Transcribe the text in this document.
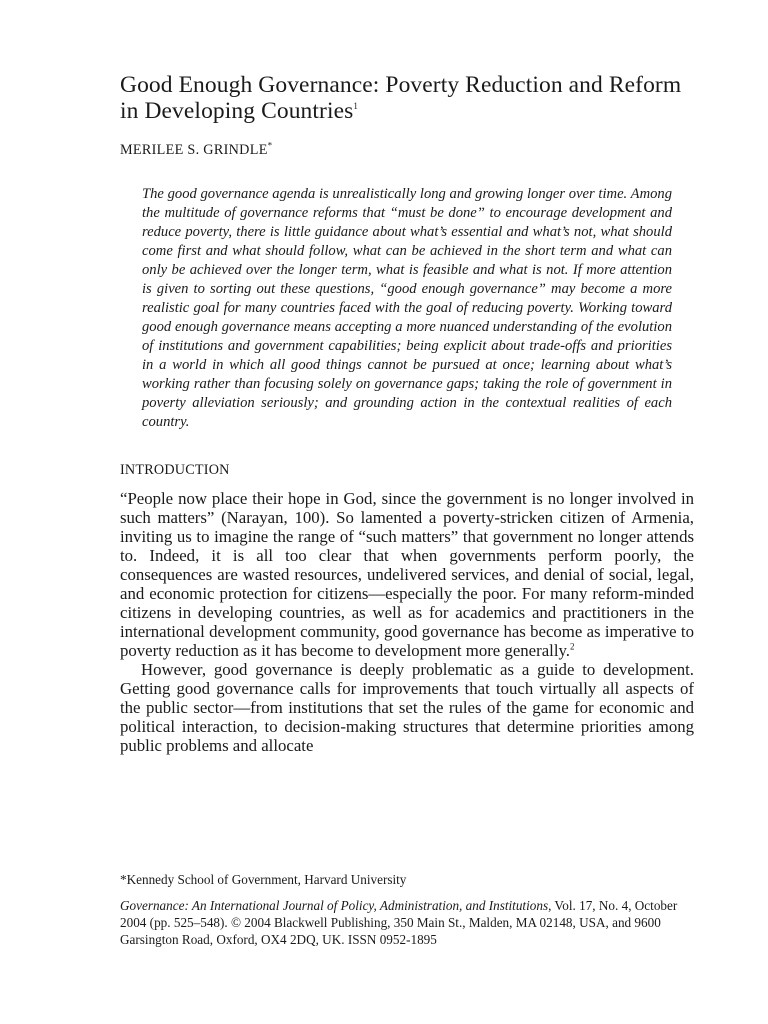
Good Enough Governance: Poverty Reduction and Reform in Developing Countries$^1$
MERILEE S. GRINDLE*
The good governance agenda is unrealistically long and growing longer over time. Among the multitude of governance reforms that “must be done” to encourage development and reduce poverty, there is little guidance about what’s essential and what’s not, what should come first and what should follow, what can be achieved in the short term and what can only be achieved over the longer term, what is feasible and what is not. If more attention is given to sorting out these questions, “good enough governance” may become a more realistic goal for many countries faced with the goal of reducing poverty. Working toward good enough governance means accepting a more nuanced understanding of the evolution of institutions and government capabilities; being explicit about trade-offs and priorities in a world in which all good things cannot be pursued at once; learning about what’s working rather than focusing solely on governance gaps; taking the role of government in poverty alleviation seriously; and grounding action in the contextual realities of each country.
INTRODUCTION

“People now place their hope in God, since the government is no longer involved in such matters” (Narayan, 100). So lamented a poverty-stricken citizen of Armenia, inviting us to imagine the range of “such matters” that government no longer attends to. Indeed, it is all too clear that when governments perform poorly, the consequences are wasted resources, undelivered services, and denial of social, legal, and economic protection for citizens—especially the poor. For many reform-minded citizens in developing countries, as well as for academics and practitioners in the international development community, good governance has become as imperative to poverty reduction as it has become to development more generally.$^2$

However, good governance is deeply problematic as a guide to development. Getting good governance calls for improvements that touch virtually all aspects of the public sector—from institutions that set the rules of the game for economic and political interaction, to decision-making structures that determine priorities among public problems and allocate

*Kennedy School of Government, Harvard University
Governance: An International Journal of Policy, Administration, and Institutions, Vol. 17, No. 4, October 2004 (pp. 525–548). © 2004 Blackwell Publishing, 350 Main St., Malden, MA 02148, USA, and 9600 Garsington Road, Oxford, OX4 2DQ, UK. ISSN 0952-1895
